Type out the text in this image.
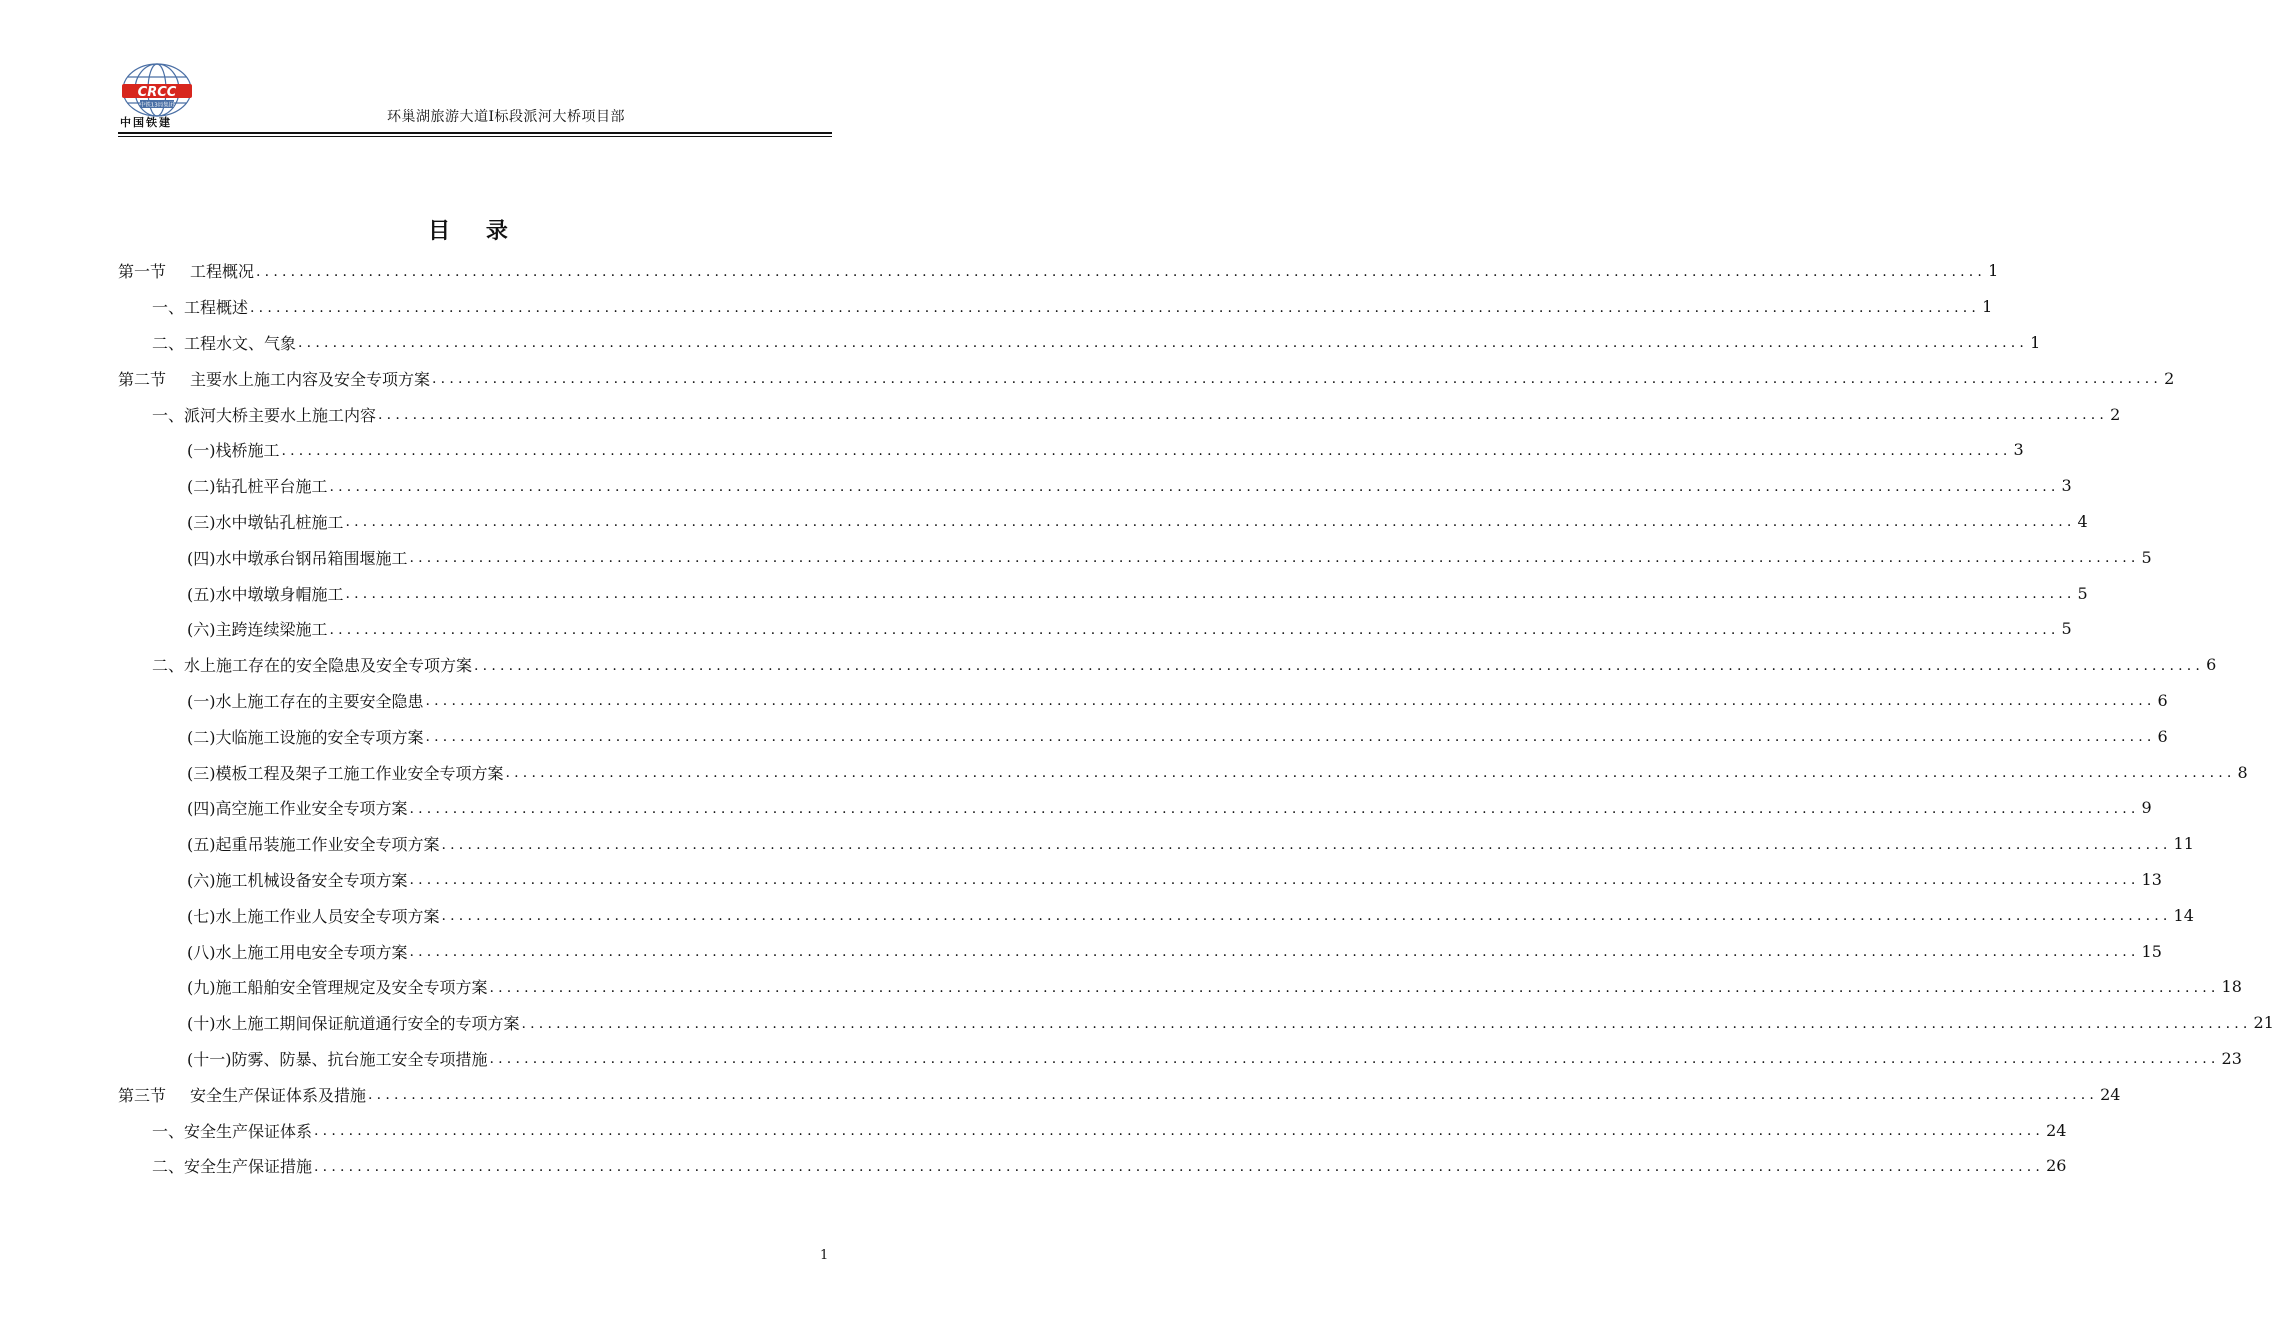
CRCC
中铁13局集团
中国铁建	环巢湖旅游大道I标段派河大桥项目部
目 录
第一节 工程概况 ........................................................................................................................................................................................................ 1
一、工程概述 ........................................................................................................................................................................................................ 1
二、工程水文、气象 ........................................................................................................................................................................................................ 1
第二节 主要水上施工内容及安全专项方案 ........................................................................................................................................................................................................ 2
一、派河大桥主要水上施工内容 ........................................................................................................................................................................................................ 2
(一)栈桥施工 ........................................................................................................................................................................................................ 3
(二)钻孔桩平台施工 ........................................................................................................................................................................................................ 3
(三)水中墩钻孔桩施工 ........................................................................................................................................................................................................ 4
(四)水中墩承台钢吊箱围堰施工 ........................................................................................................................................................................................................ 5
(五)水中墩墩身帽施工 ........................................................................................................................................................................................................ 5
(六)主跨连续梁施工 ........................................................................................................................................................................................................ 5
二、水上施工存在的安全隐患及安全专项方案 ........................................................................................................................................................................................................ 6
(一)水上施工存在的主要安全隐患 ........................................................................................................................................................................................................ 6
(二)大临施工设施的安全专项方案 ........................................................................................................................................................................................................ 6
(三)模板工程及架子工施工作业安全专项方案 ........................................................................................................................................................................................................ 8
(四)高空施工作业安全专项方案 ........................................................................................................................................................................................................ 9
(五)起重吊装施工作业安全专项方案 ........................................................................................................................................................................................................ 11
(六)施工机械设备安全专项方案 ........................................................................................................................................................................................................ 13
(七)水上施工作业人员安全专项方案 ........................................................................................................................................................................................................ 14
(八)水上施工用电安全专项方案 ........................................................................................................................................................................................................ 15
(九)施工船舶安全管理规定及安全专项方案 ........................................................................................................................................................................................................ 18
(十)水上施工期间保证航道通行安全的专项方案 ........................................................................................................................................................................................................ 21
(十一)防雾、防暴、抗台施工安全专项措施 ........................................................................................................................................................................................................ 23
第三节 安全生产保证体系及措施 ........................................................................................................................................................................................................ 24
一、安全生产保证体系 ........................................................................................................................................................................................................ 24
二、安全生产保证措施 ........................................................................................................................................................................................................ 26
1
